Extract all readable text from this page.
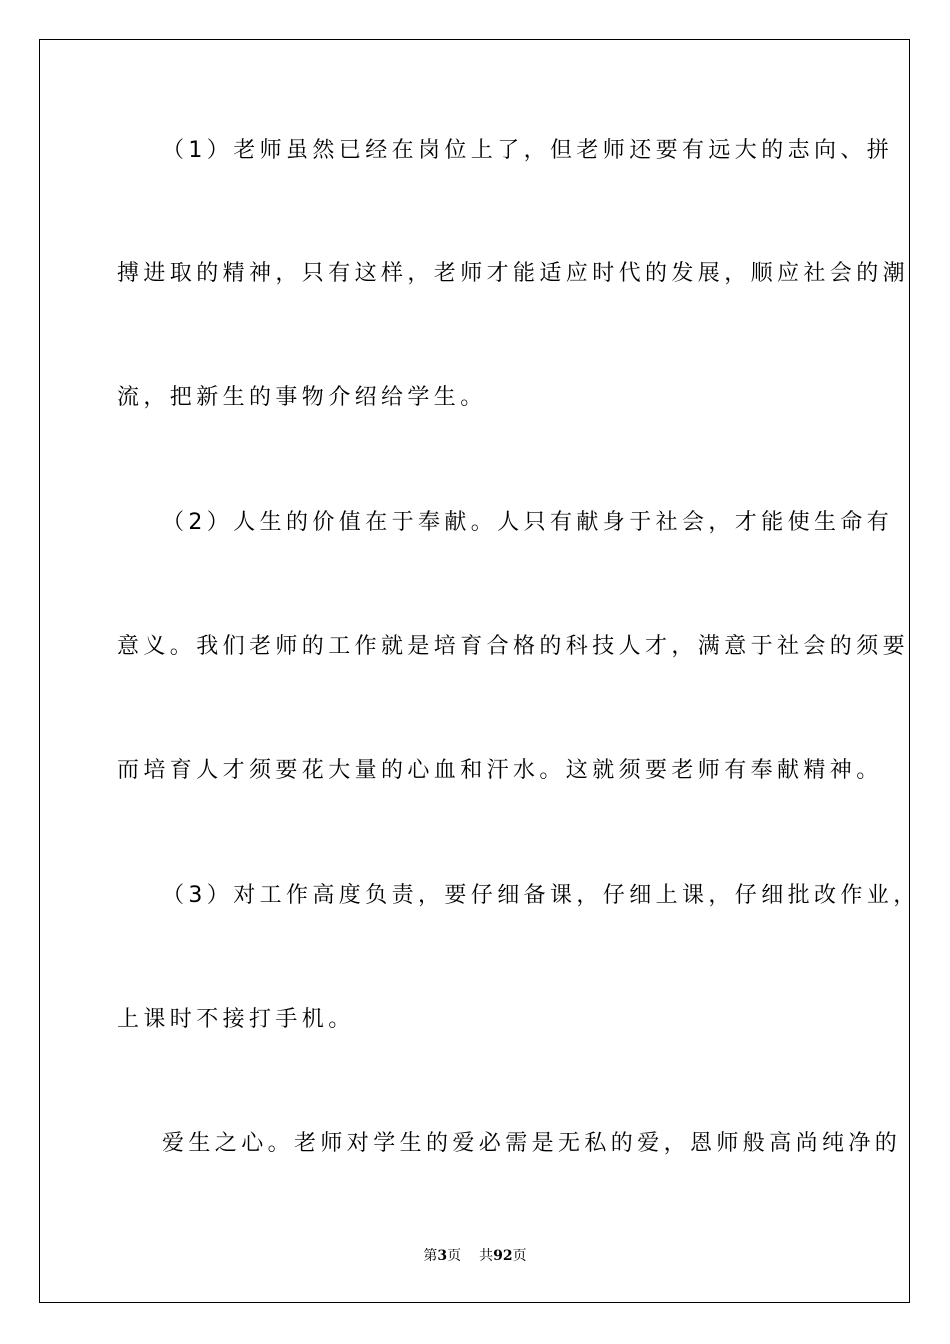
（1）老师虽然已经在岗位上了，但老师还要有远大的志向、拼
搏进取的精神，只有这样，老师才能适应时代的发展，顺应社会的潮
流，把新生的事物介绍给学生。
（2）人生的价值在于奉献。人只有献身于社会，才能使生命有
意义。我们老师的工作就是培育合格的科技人才，满意于社会的须要
而培育人才须要花大量的心血和汗水。这就须要老师有奉献精神。
（3）对工作高度负责，要仔细备课，仔细上课，仔细批改作业，
上课时不接打手机。
爱生之心。老师对学生的爱必需是无私的爱，恩师般高尚纯净的
第3页 共92页
